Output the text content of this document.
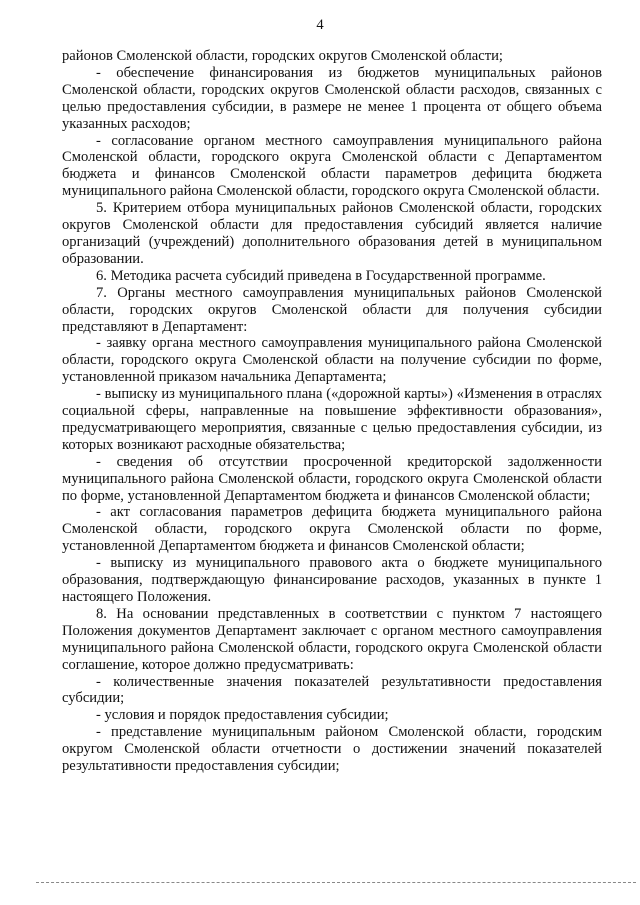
4

районов Смоленской области, городских округов Смоленской области;

- обеспечение финансирования из бюджетов муниципальных районов Смоленской области, городских округов Смоленской области расходов, связанных с целью предоставления субсидии, в размере не менее 1 процента от общего объема указанных расходов;

- согласование органом местного самоуправления муниципального района Смоленской области, городского округа Смоленской области с Департаментом бюджета и финансов Смоленской области параметров дефицита бюджета муниципального района Смоленской области, городского округа Смоленской области.

5. Критерием отбора муниципальных районов Смоленской области, городских округов Смоленской области для предоставления субсидий является наличие организаций (учреждений) дополнительного образования детей в муниципальном образовании.

6. Методика расчета субсидий приведена в Государственной программе.

7. Органы местного самоуправления муниципальных районов Смоленской области, городских округов Смоленской области для получения субсидии представляют в Департамент:

- заявку органа местного самоуправления муниципального района Смоленской области, городского округа Смоленской области на получение субсидии по форме, установленной приказом начальника Департамента;

- выписку из муниципального плана («дорожной карты») «Изменения в отраслях социальной сферы, направленные на повышение эффективности образования», предусматривающего мероприятия, связанные с целью предоставления субсидии, из которых возникают расходные обязательства;

- сведения об отсутствии просроченной кредиторской задолженности муниципального района Смоленской области, городского округа Смоленской области по форме, установленной Департаментом бюджета и финансов Смоленской области;

- акт согласования параметров дефицита бюджета муниципального района Смоленской области, городского округа Смоленской области по форме, установленной Департаментом бюджета и финансов Смоленской области;

- выписку из муниципального правового акта о бюджете муниципального образования, подтверждающую финансирование расходов, указанных в пункте 1 настоящего Положения.

8. На основании представленных в соответствии с пунктом 7 настоящего Положения документов Департамент заключает с органом местного самоуправления муниципального района Смоленской области, городского округа Смоленской области соглашение, которое должно предусматривать:

- количественные значения показателей результативности предоставления субсидии;

- условия и порядок предоставления субсидии;

- представление муниципальным районом Смоленской области, городским округом Смоленской области отчетности о достижении значений показателей результативности предоставления субсидии;
